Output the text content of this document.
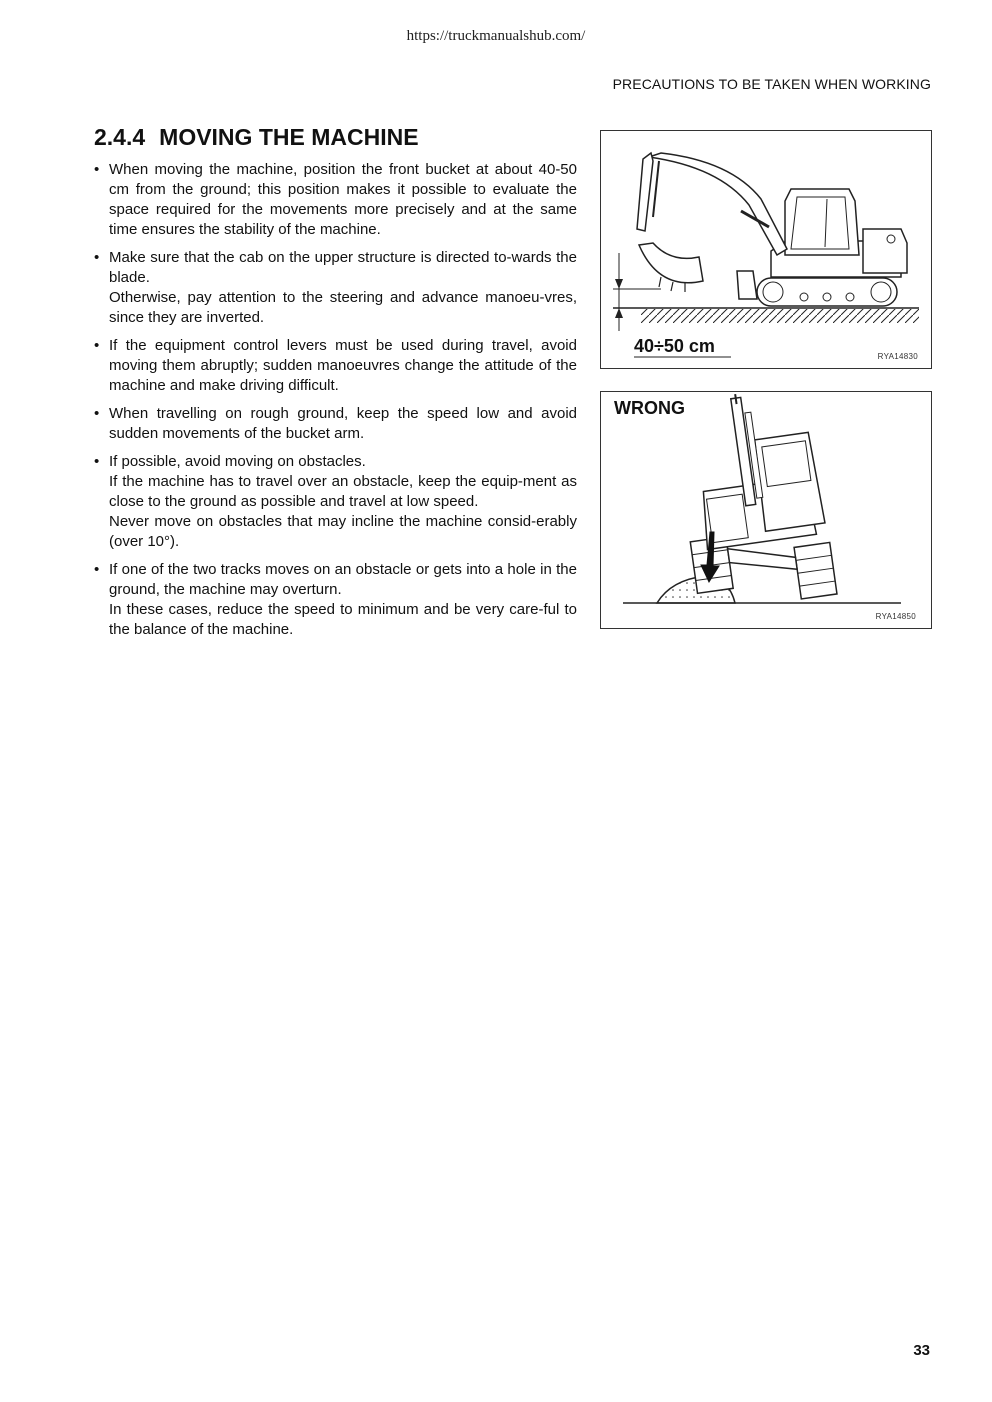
https://truckmanualshub.com/
PRECAUTIONS TO BE TAKEN WHEN WORKING
2.4.4 MOVING THE MACHINE
• When moving the machine, position the front bucket at about 40-50 cm from the ground; this position makes it possible to evaluate the space required for the movements more precisely and at the same time ensures the stability of the machine.

• Make sure that the cab on the upper structure is directed to-wards the blade.

Otherwise, pay attention to the steering and advance manoeu-vres, since they are inverted.

• If the equipment control levers must be used during travel, avoid moving them abruptly; sudden manoeuvres change the attitude of the machine and make driving difficult.

• When travelling on rough ground, keep the speed low and avoid sudden movements of the bucket arm.

• If possible, avoid moving on obstacles.

If the machine has to travel over an obstacle, keep the equip-ment as close to the ground as possible and travel at low speed.

Never move on obstacles that may incline the machine consid-erably (over 10°).

• If one of the two tracks moves on an obstacle or gets into a hole in the ground, the machine may overturn.

In these cases, reduce the speed to minimum and be very care-ful to the balance of the machine.

40÷50 cm
RYA14830
WRONG
RYA14850
33
